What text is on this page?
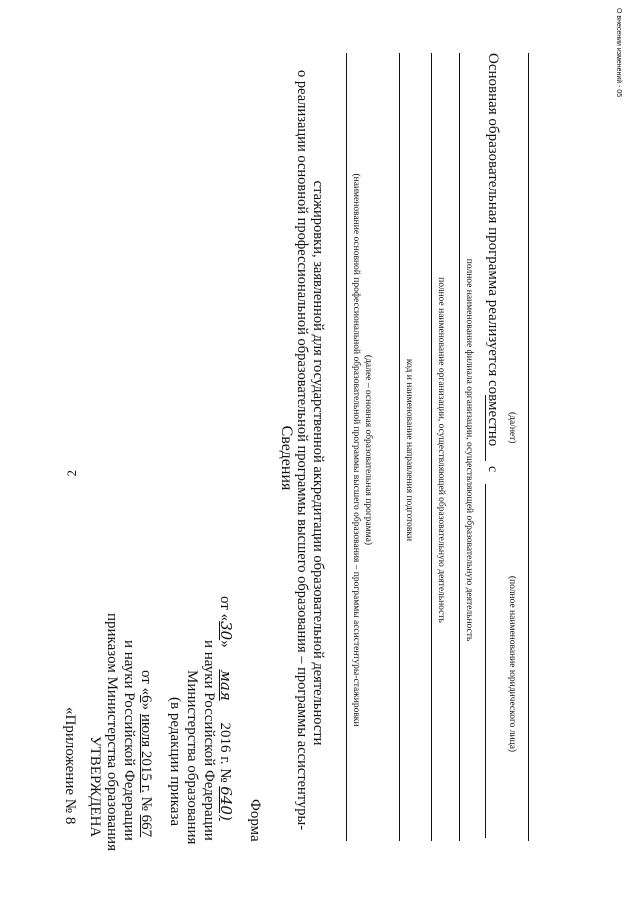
2
«Приложение № 8 УТВЕРЖДЕНА приказом Министерства образования и науки Российской Федерации от «6» июля 2015 г. № 667 (в редакции приказа Министерства образования и науки Российской Федерации
от «30» мая 2016 г. № 640) Форма
Сведения о реализации основной профессиональной образовательной программы высшего образования – программы ассистентуры- стажировки, заявленной для государственной аккредитации образовательной деятельности	(наименование основной профессиональной образовательной программы высшего образования – программы ассистентуры-стажировки (далее – основная образовательная программа)	код и наименование направления подготовки полное наименование организации, осуществляющей образовательную деятельность полное наименование филиала организации, осуществляющей образовательную деятельность
Основная образовательная программа реализуется совместно
с
(да/нет)
(полное наименование юридического лица)
О внесении изменений - 05
